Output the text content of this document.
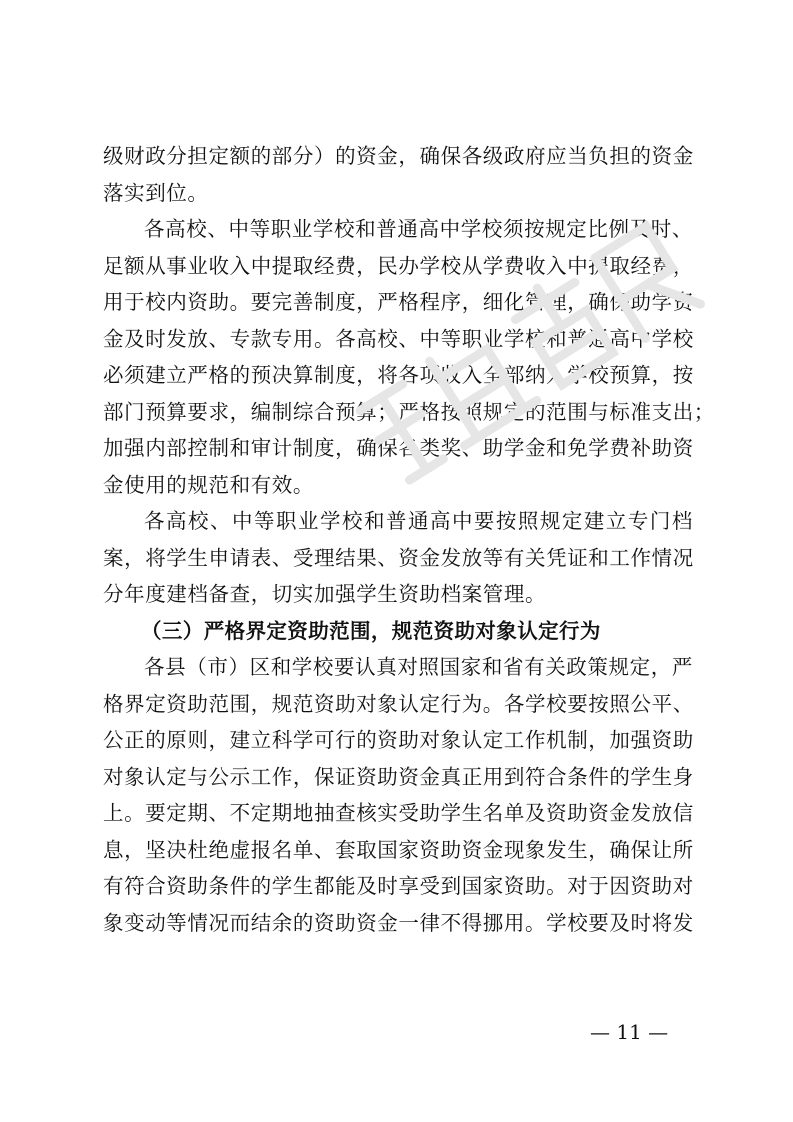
级财政分担定额的部分）的资金，确保各级政府应当负担的资金
落实到位。
各高校、中等职业学校和普通高中学校须按规定比例及时、
足额从事业收入中提取经费，民办学校从学费收入中提取经费，
用于校内资助。要完善制度，严格程序，细化管理，确保助学资
金及时发放、专款专用。各高校、中等职业学校和普通高中学校
必须建立严格的预决算制度，将各项收入全部纳入学校预算，按
部门预算要求，编制综合预算；严格按照规定的范围与标准支出；
加强内部控制和审计制度，确保各类奖、助学金和免学费补助资
金使用的规范和有效。
各高校、中等职业学校和普通高中要按照规定建立专门档
案，将学生申请表、受理结果、资金发放等有关凭证和工作情况
分年度建档备查，切实加强学生资助档案管理。
（三）严格界定资助范围，规范资助对象认定行为
各县（市）区和学校要认真对照国家和省有关政策规定，严
格界定资助范围，规范资助对象认定行为。各学校要按照公平、
公正的原则，建立科学可行的资助对象认定工作机制，加强资助
对象认定与公示工作，保证资助资金真正用到符合条件的学生身
上。要定期、不定期地抽查核实受助学生名单及资助资金发放信
息，坚决杜绝虚报名单、套取国家资助资金现象发生，确保让所
有符合资助条件的学生都能及时享受到国家资助。对于因资助对
象变动等情况而结余的资助资金一律不得挪用。学校要及时将发
— 11 —
